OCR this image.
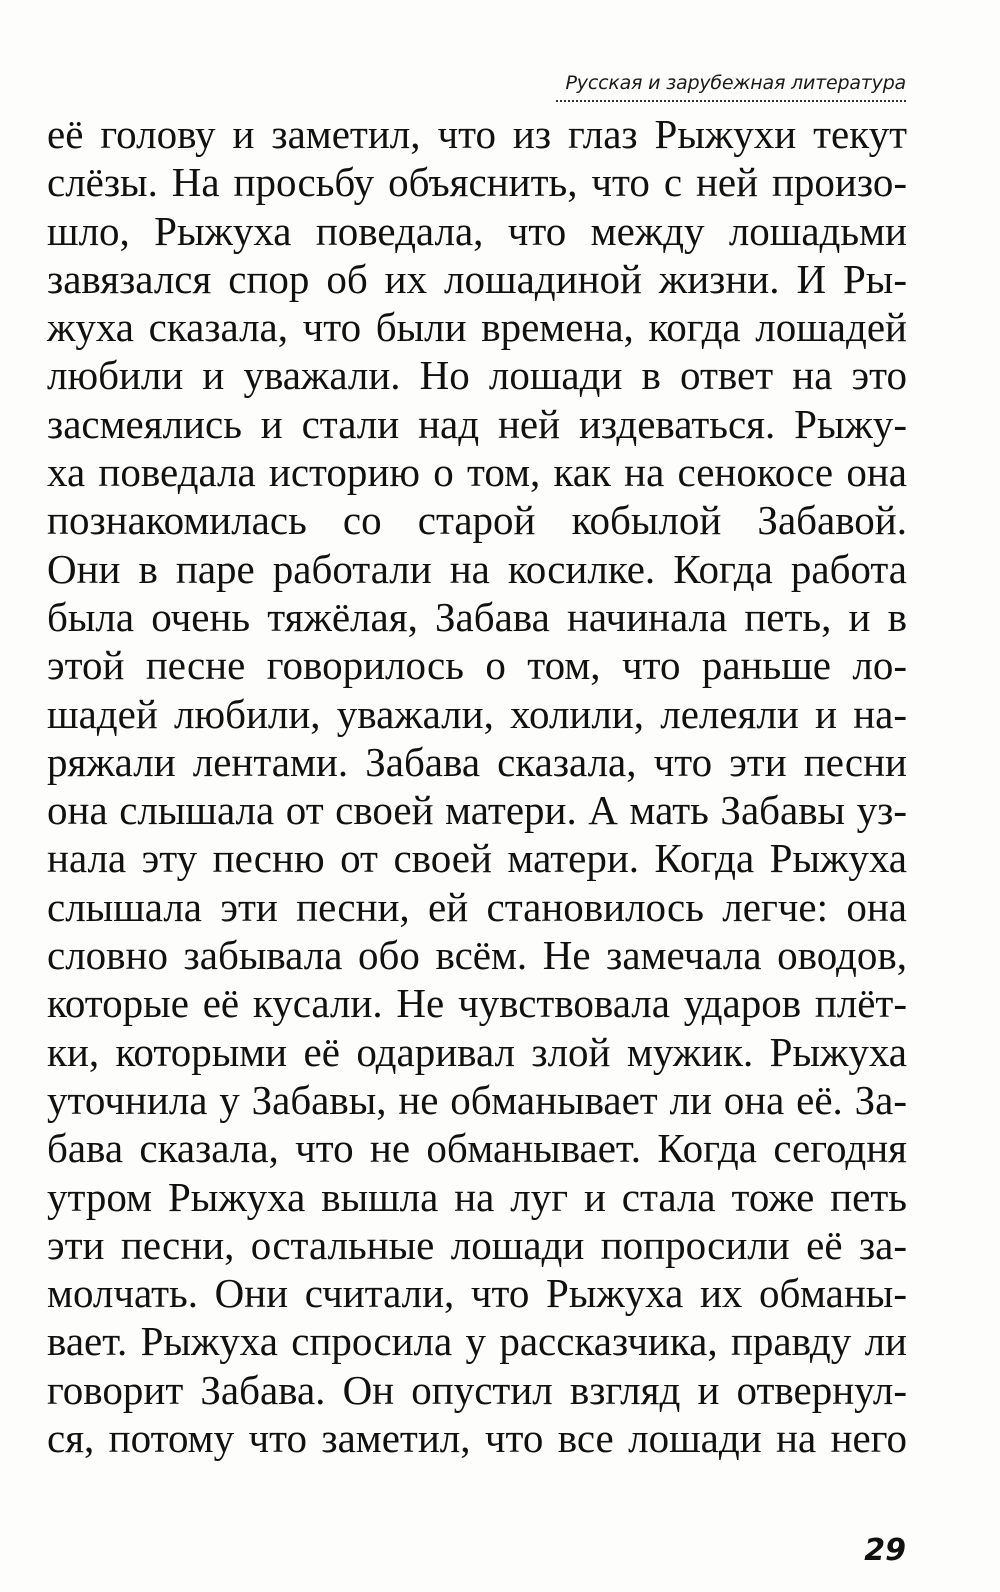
Русская и зарубежная литература
её голову и заметил, что из глаз Рыжухи текут
слёзы. На просьбу объяснить, что с ней произо-
шло, Рыжуха поведала, что между лошадьми
завязался спор об их лошадиной жизни. И Ры-
жуха сказала, что были времена, когда лошадей
любили и уважали. Но лошади в ответ на это
засмеялись и стали над ней издеваться. Рыжу-
ха поведала историю о том, как на сенокосе она
познакомилась со старой кобылой Забавой.
Они в паре работали на косилке. Когда работа
была очень тяжёлая, Забава начинала петь, и в
этой песне говорилось о том, что раньше ло-
шадей любили, уважали, холили, лелеяли и на-
ряжали лентами. Забава сказала, что эти песни
она слышала от своей матери. А мать Забавы уз-
нала эту песню от своей матери. Когда Рыжуха
слышала эти песни, ей становилось легче: она
словно забывала обо всём. Не замечала оводов,
которые её кусали. Не чувствовала ударов плёт-
ки, которыми её одаривал злой мужик. Рыжуха
уточнила у Забавы, не обманывает ли она её. За-
бава сказала, что не обманывает. Когда сегодня
утром Рыжуха вышла на луг и стала тоже петь
эти песни, остальные лошади попросили её за-
молчать. Они считали, что Рыжуха их обманы-
вает. Рыжуха спросила у рассказчика, правду ли
говорит Забава. Он опустил взгляд и отвернул-
ся, потому что заметил, что все лошади на него
29
